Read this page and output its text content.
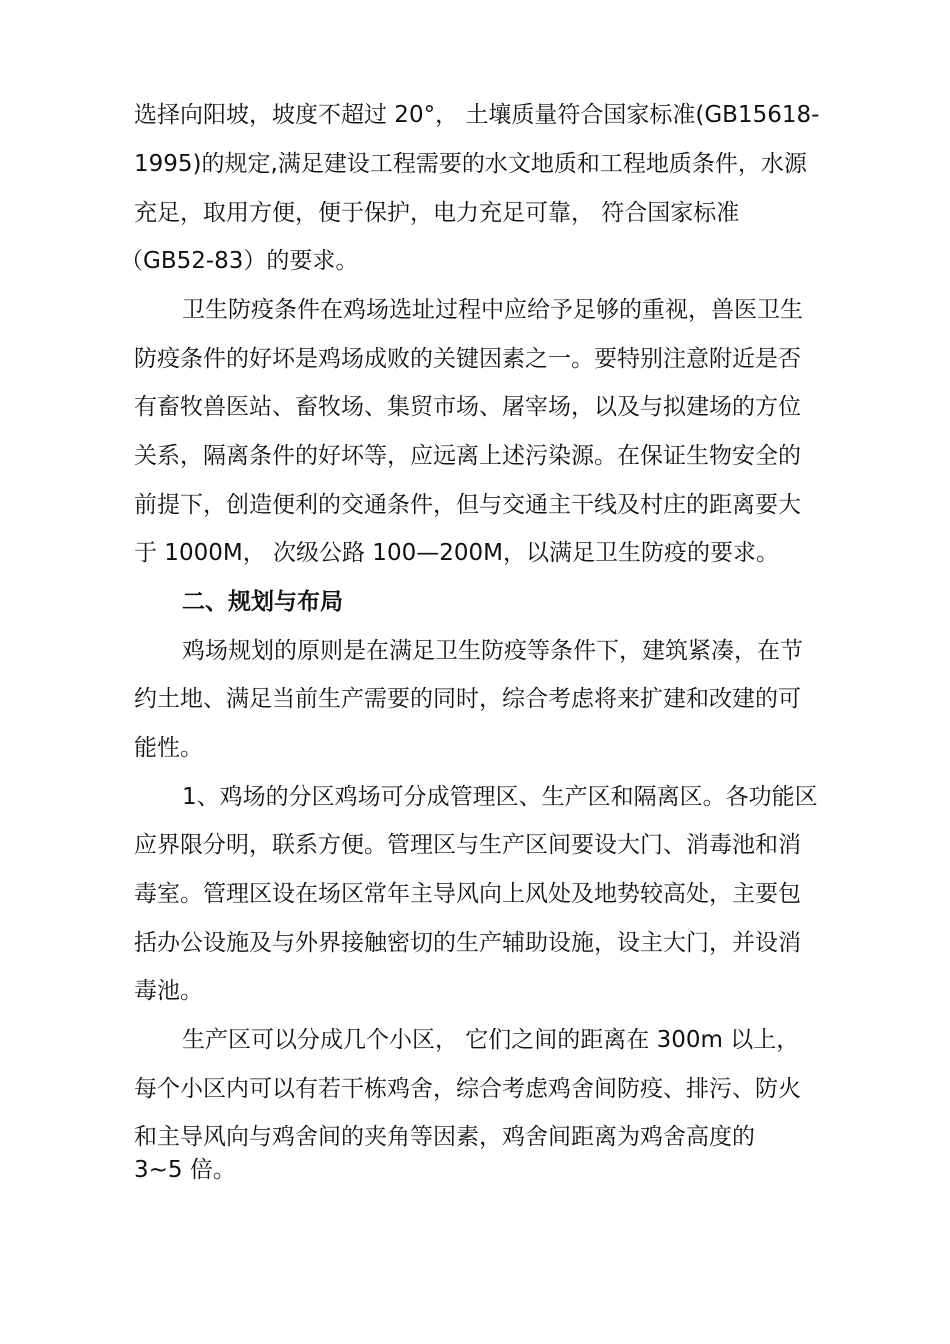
选择向阳坡，坡度不超过 20°， 土壤质量符合国家标准(GB15618-
1995)的规定,满足建设工程需要的水文地质和工程地质条件，水源
充足，取用方便，便于保护，电力充足可靠， 符合国家标准
（GB52-83）的要求。
卫生防疫条件在鸡场选址过程中应给予足够的重视，兽医卫生
防疫条件的好坏是鸡场成败的关键因素之一。要特别注意附近是否
有畜牧兽医站、畜牧场、集贸市场、屠宰场，以及与拟建场的方位
关系，隔离条件的好坏等，应远离上述污染源。在保证生物安全的
前提下，创造便利的交通条件，但与交通主干线及村庄的距离要大
于 1000M， 次级公路 100—200M，以满足卫生防疫的要求。
二、规划与布局
鸡场规划的原则是在满足卫生防疫等条件下，建筑紧凑，在节
约土地、满足当前生产需要的同时，综合考虑将来扩建和改建的可
能性。
1、鸡场的分区鸡场可分成管理区、生产区和隔离区。各功能区
应界限分明，联系方便。管理区与生产区间要设大门、消毒池和消
毒室。管理区设在场区常年主导风向上风处及地势较高处，主要包
括办公设施及与外界接触密切的生产辅助设施，设主大门，并设消
毒池。
生产区可以分成几个小区， 它们之间的距离在 300m 以上，
每个小区内可以有若干栋鸡舍，综合考虑鸡舍间防疫、排污、防火
和主导风向与鸡舍间的夹角等因素，鸡舍间距离为鸡舍高度的
3~5 倍。
